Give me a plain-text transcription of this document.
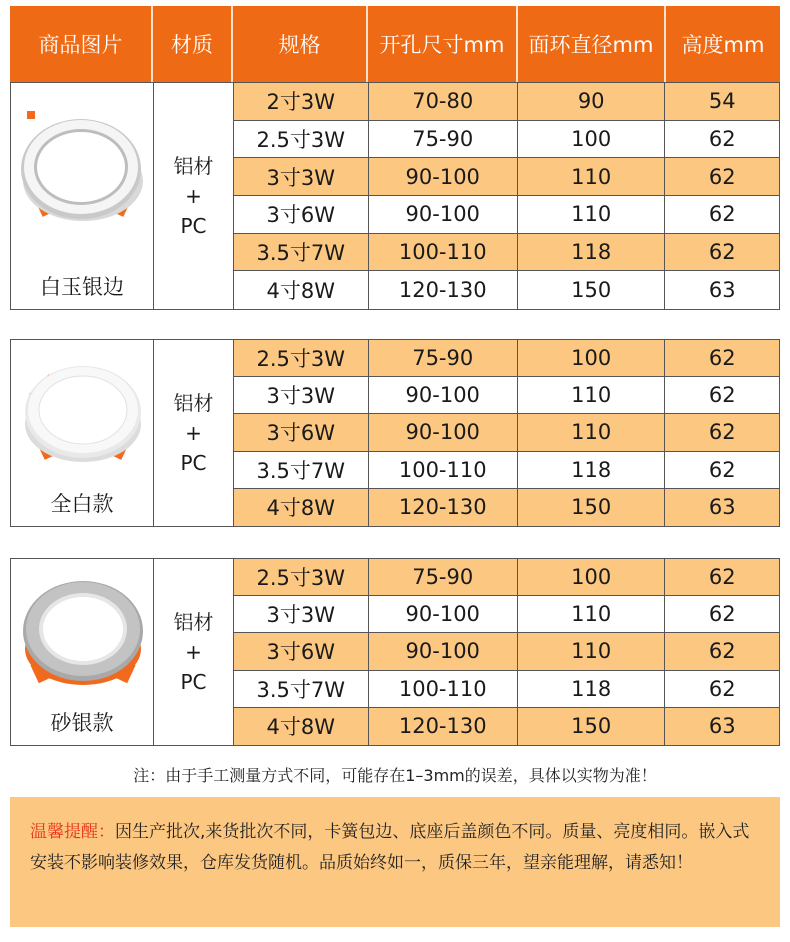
商品图片	材质	规格	开孔尺寸mm	面环直径mm	高度mm
白玉银边
铝材
+
PC
2寸3W	70-80	90	54
2.5寸3W	75-90	100	62
3寸3W	90-100	110	62
3寸6W	90-100	110	62
3.5寸7W	100-110	118	62
4寸8W	120-130	150	63
全白款
铝材
+
PC
2.5寸3W	75-90	100	62
3寸3W	90-100	110	62
3寸6W	90-100	110	62
3.5寸7W	100-110	118	62
4寸8W	120-130	150	63
砂银款
铝材
+
PC
2.5寸3W	75-90	100	62
3寸3W	90-100	110	62
3寸6W	90-100	110	62
3.5寸7W	100-110	118	62
4寸8W	120-130	150	63
注：由于手工测量方式不同，可能存在1–3mm的误差，具体以实物为准！
温馨提醒：因生产批次,来货批次不同，卡簧包边、底座后盖颜色不同。质量、亮度相同。嵌入式安装不影响装修效果，仓库发货随机。品质始终如一，质保三年，望亲能理解，请悉知！
